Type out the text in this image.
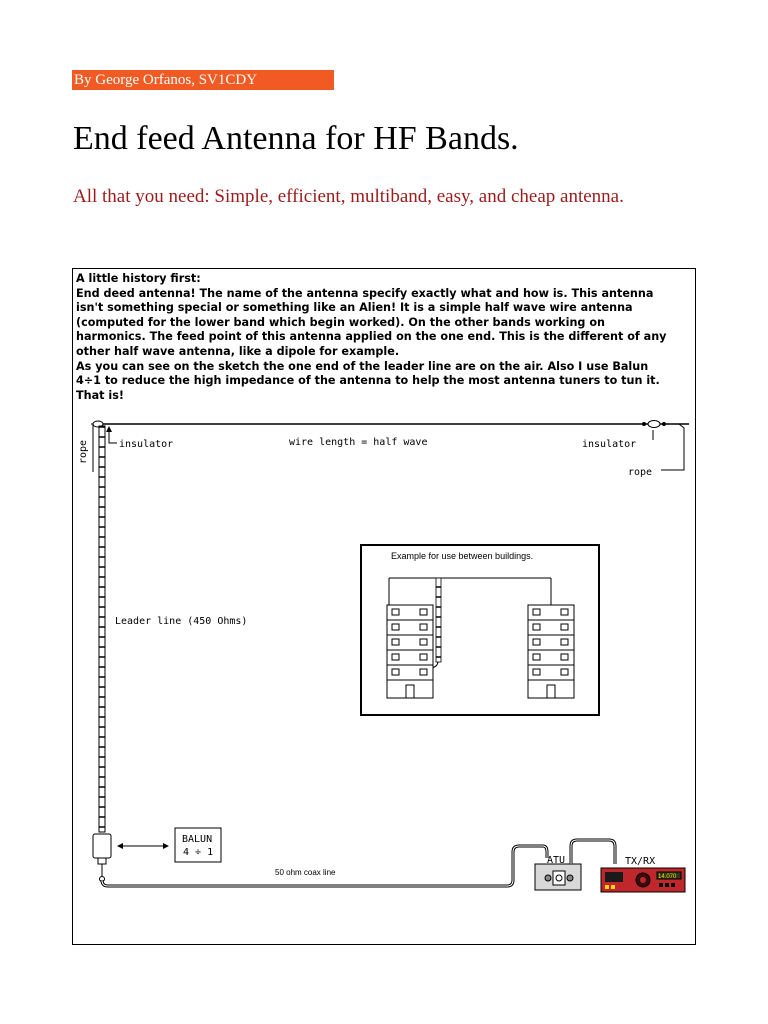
By George Orfanos, SV1CDY
End feed Antenna for HF Bands.

All that you need: Simple, efficient, multiband, easy, and cheap antenna.

A little history first:
End deed antenna! The name of the antenna specify exactly what and how is. This antenna
isn't something special or something like an Alien! It is a simple half wave wire antenna
(computed for the lower band which begin worked). On the other bands working on
harmonics. The feed point of this antenna applied on the one end. This is the different of any
other half wave antenna, like a dipole for example.
As you can see on the sketch the one end of the leader line are on the air. Also I use Balun
4÷1 to reduce the high impedance of the antenna to help the most antenna tuners to tun it.
That is!
rope	insulator	wire length = half wave	insulator
rope
Leader line (450 Ohms)
BALUN
4 ÷ 1
50 ohm coax line
ATU	TX/RX
14.070
Example for use between buildings.
